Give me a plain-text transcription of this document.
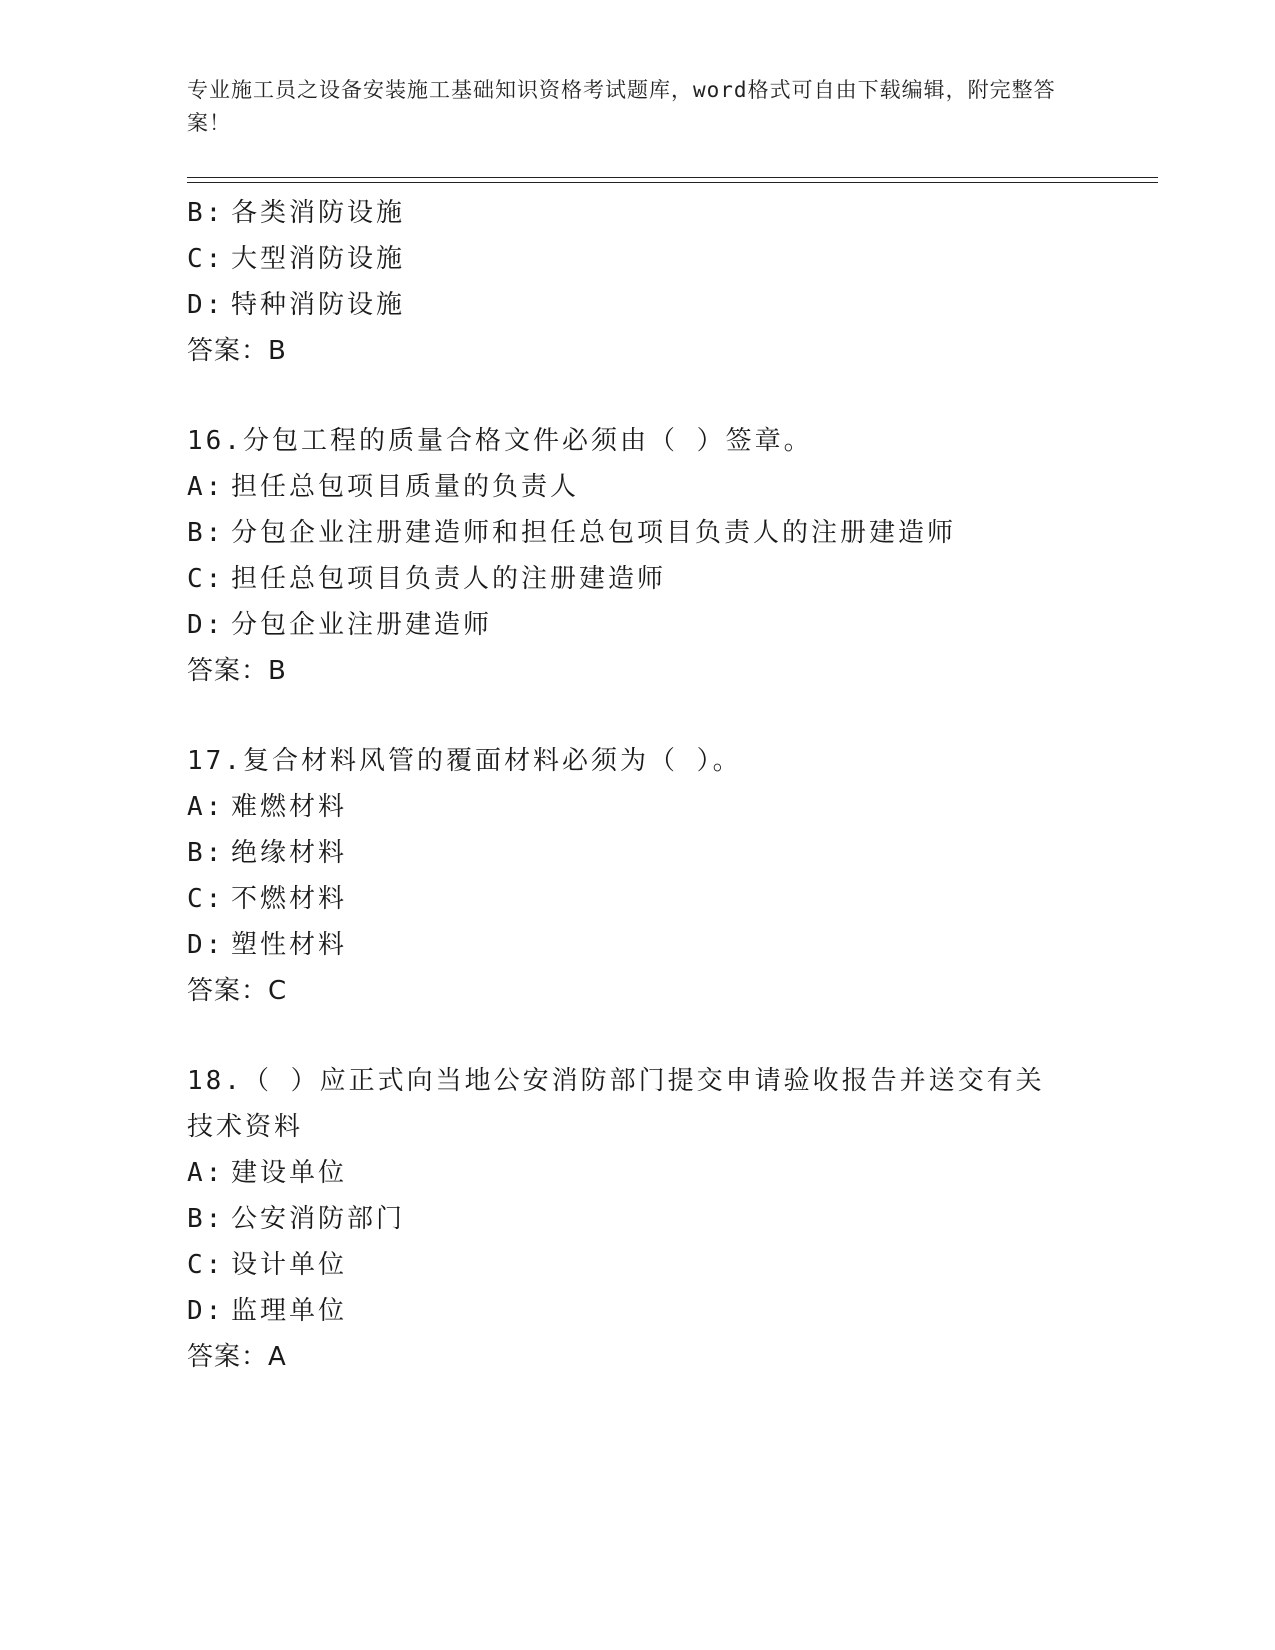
专业施工员之设备安装施工基础知识资格考试题库，word格式可自由下载编辑，附完整答案！
B: 各类消防设施
C: 大型消防设施
D: 特种消防设施
答案：B
16.分包工程的质量合格文件必须由（ ）签章。
A: 担任总包项目质量的负责人
B: 分包企业注册建造师和担任总包项目负责人的注册建造师
C: 担任总包项目负责人的注册建造师
D: 分包企业注册建造师
答案：B
17.复合材料风管的覆面材料必须为（ ）。
A: 难燃材料
B: 绝缘材料
C: 不燃材料
D: 塑性材料
答案：C
18.（ ）应正式向当地公安消防部门提交申请验收报告并送交有关技术资料
A: 建设单位
B: 公安消防部门
C: 设计单位
D: 监理单位
答案：A
